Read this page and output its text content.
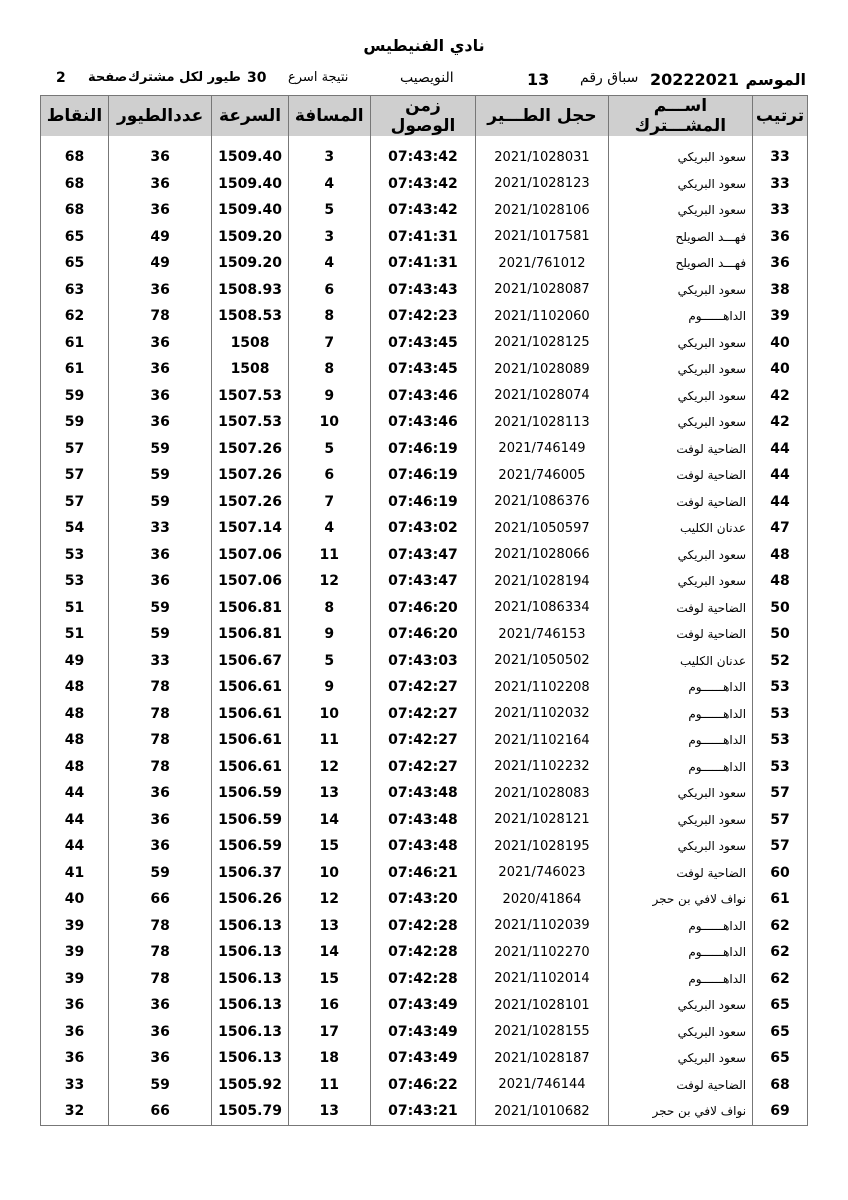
نادي الفنيطيس
الموسم
20222021
سباق رقم
13
النويصيب
نتيجة اسرع
30
طيور لكل مشترك
صفحة
2
ترتيب	اســـم المشـــترك	حجل الطـــير	زمن الوصول	المسافة	السرعة	عددالطيور	النقاط

33	سعود البريكي	2021/1028031	07:43:42	3	1509.40	36	68
33	سعود البريكي	2021/1028123	07:43:42	4	1509.40	36	68
33	سعود البريكي	2021/1028106	07:43:42	5	1509.40	36	68
36	فهـــد الصويلح	2021/1017581	07:41:31	3	1509.20	49	65
36	فهـــد الصويلح	2021/761012	07:41:31	4	1509.20	49	65
38	سعود البريكي	2021/1028087	07:43:43	6	1508.93	36	63
39	الداهــــــوم	2021/1102060	07:42:23	8	1508.53	78	62
40	سعود البريكي	2021/1028125	07:43:45	7	1508	36	61
40	سعود البريكي	2021/1028089	07:43:45	8	1508	36	61
42	سعود البريكي	2021/1028074	07:43:46	9	1507.53	36	59
42	سعود البريكي	2021/1028113	07:43:46	10	1507.53	36	59
44	الضاحية لوفت	2021/746149	07:46:19	5	1507.26	59	57
44	الضاحية لوفت	2021/746005	07:46:19	6	1507.26	59	57
44	الضاحية لوفت	2021/1086376	07:46:19	7	1507.26	59	57
47	عدنان الكليب	2021/1050597	07:43:02	4	1507.14	33	54
48	سعود البريكي	2021/1028066	07:43:47	11	1507.06	36	53
48	سعود البريكي	2021/1028194	07:43:47	12	1507.06	36	53
50	الضاحية لوفت	2021/1086334	07:46:20	8	1506.81	59	51
50	الضاحية لوفت	2021/746153	07:46:20	9	1506.81	59	51
52	عدنان الكليب	2021/1050502	07:43:03	5	1506.67	33	49
53	الداهــــــوم	2021/1102208	07:42:27	9	1506.61	78	48
53	الداهــــــوم	2021/1102032	07:42:27	10	1506.61	78	48
53	الداهــــــوم	2021/1102164	07:42:27	11	1506.61	78	48
53	الداهــــــوم	2021/1102232	07:42:27	12	1506.61	78	48
57	سعود البريكي	2021/1028083	07:43:48	13	1506.59	36	44
57	سعود البريكي	2021/1028121	07:43:48	14	1506.59	36	44
57	سعود البريكي	2021/1028195	07:43:48	15	1506.59	36	44
60	الضاحية لوفت	2021/746023	07:46:21	10	1506.37	59	41
61	نواف لافي بن حجر	2020/41864	07:43:20	12	1506.26	66	40
62	الداهــــــوم	2021/1102039	07:42:28	13	1506.13	78	39
62	الداهــــــوم	2021/1102270	07:42:28	14	1506.13	78	39
62	الداهــــــوم	2021/1102014	07:42:28	15	1506.13	78	39
65	سعود البريكي	2021/1028101	07:43:49	16	1506.13	36	36
65	سعود البريكي	2021/1028155	07:43:49	17	1506.13	36	36
65	سعود البريكي	2021/1028187	07:43:49	18	1506.13	36	36
68	الضاحية لوفت	2021/746144	07:46:22	11	1505.92	59	33
69	نواف لافي بن حجر	2021/1010682	07:43:21	13	1505.79	66	32
